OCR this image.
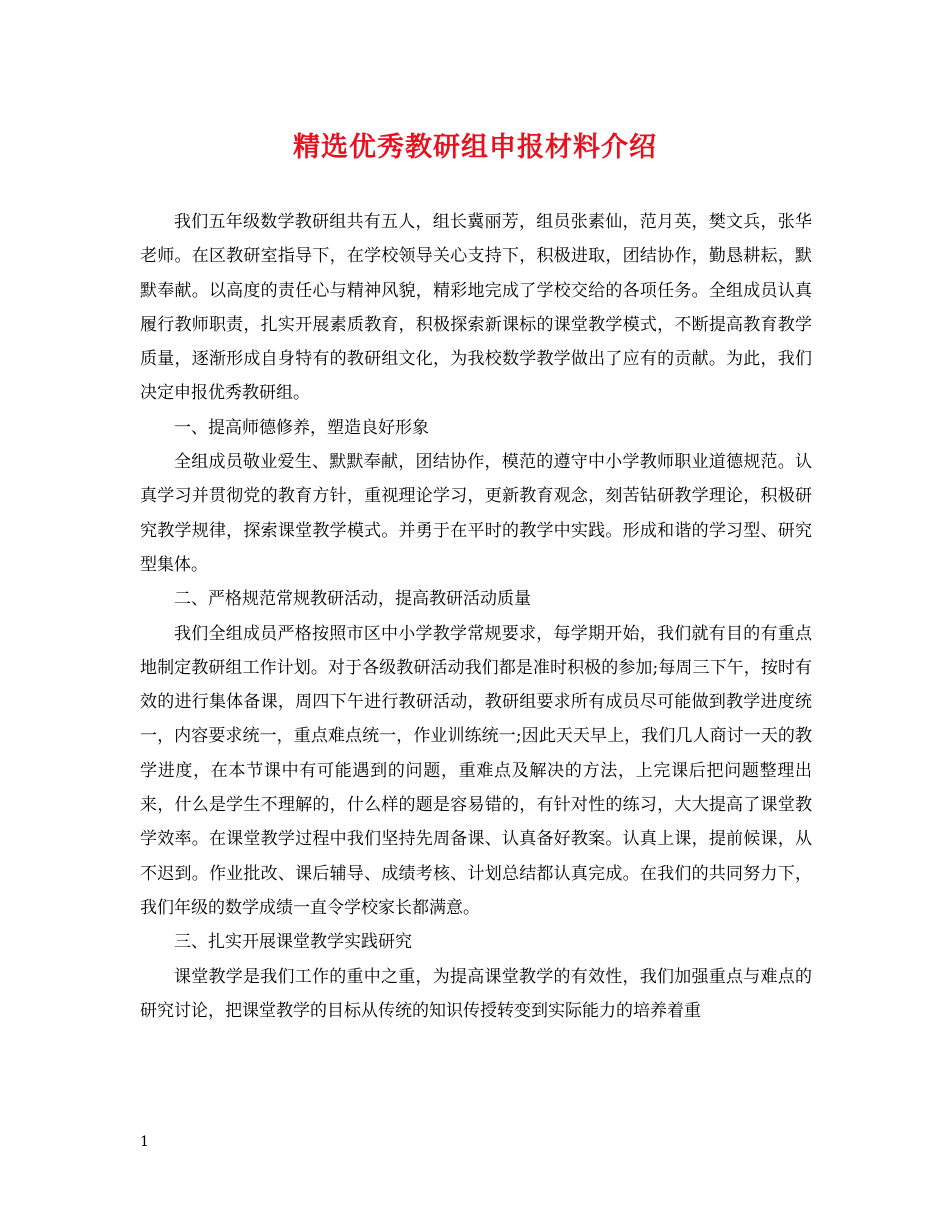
精选优秀教研组申报材料介绍

我们五年级数学教研组共有五人，组长冀丽芳，组员张素仙，范月英，樊文兵，张华老师。在区教研室指导下，在学校领导关心支持下，积极进取，团结协作，勤恳耕耘，默默奉献。以高度的责任心与精神风貌，精彩地完成了学校交给的各项任务。全组成员认真履行教师职责，扎实开展素质教育，积极探索新课标的课堂教学模式，不断提高教育教学质量，逐渐形成自身特有的教研组文化，为我校数学教学做出了应有的贡献。为此，我们决定申报优秀教研组。

一、提高师德修养，塑造良好形象

全组成员敬业爱生、默默奉献，团结协作，模范的遵守中小学教师职业道德规范。认真学习并贯彻党的教育方针，重视理论学习，更新教育观念，刻苦钻研教学理论，积极研究教学规律，探索课堂教学模式。并勇于在平时的教学中实践。形成和谐的学习型、研究型集体。

二、严格规范常规教研活动，提高教研活动质量

我们全组成员严格按照市区中小学教学常规要求，每学期开始，我们就有目的有重点地制定教研组工作计划。对于各级教研活动我们都是准时积极的参加;每周三下午，按时有效的进行集体备课，周四下午进行教研活动，教研组要求所有成员尽可能做到教学进度统一，内容要求统一，重点难点统一，作业训练统一;因此天天早上，我们几人商讨一天的教学进度，在本节课中有可能遇到的问题，重难点及解决的方法，上完课后把问题整理出来，什么是学生不理解的，什么样的题是容易错的，有针对性的练习，大大提高了课堂教学效率。在课堂教学过程中我们坚持先周备课、认真备好教案。认真上课，提前候课，从不迟到。作业批改、课后辅导、成绩考核、计划总结都认真完成。在我们的共同努力下，我们年级的数学成绩一直令学校家长都满意。

三、扎实开展课堂教学实践研究

课堂教学是我们工作的重中之重，为提高课堂教学的有效性，我们加强重点与难点的研究讨论，把课堂教学的目标从传统的知识传授转变到实际能力的培养着重

1
